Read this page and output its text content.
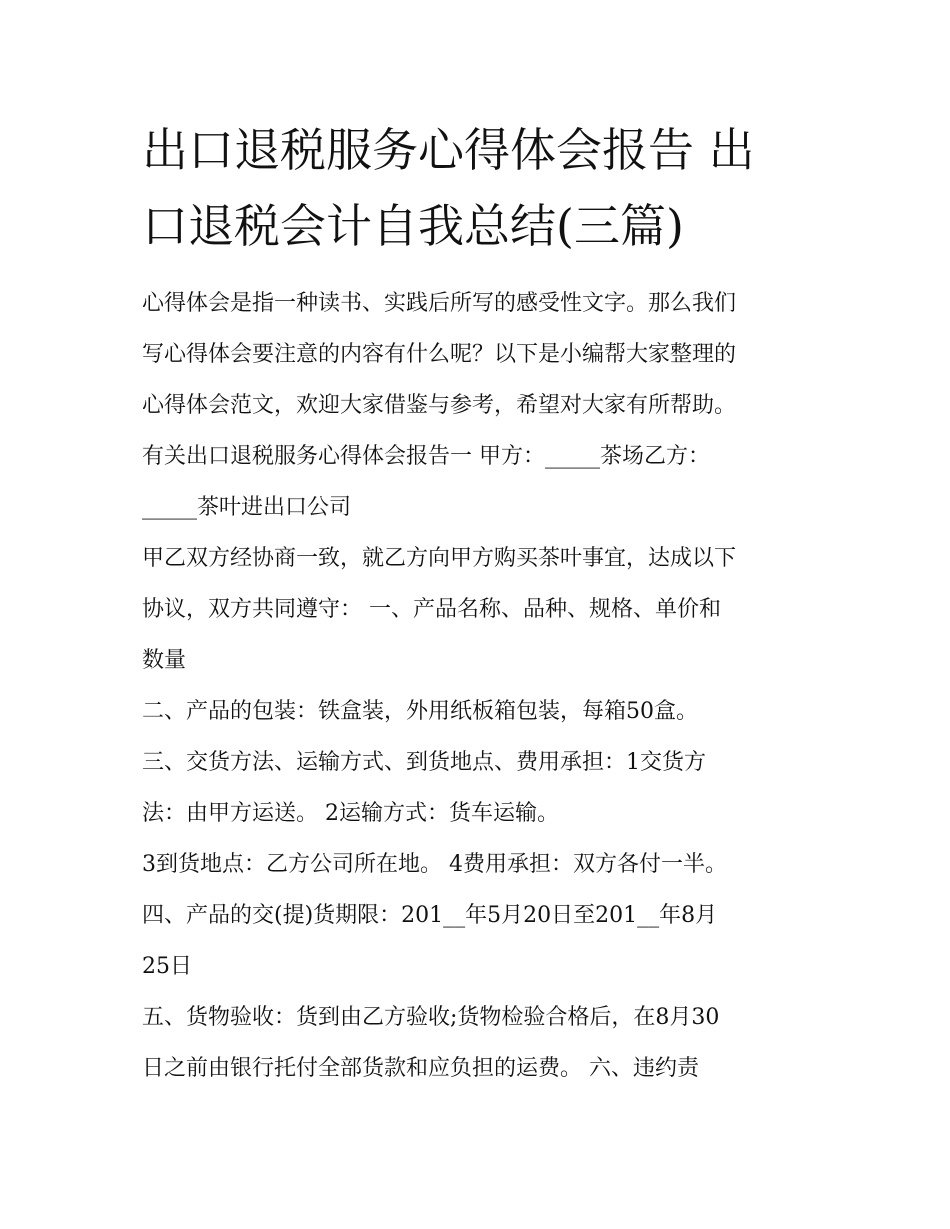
出口退税服务心得体会报告 出
口退税会计自我总结(三篇)
心得体会是指一种读书、实践后所写的感受性文字。那么我们
写心得体会要注意的内容有什么呢？以下是小编帮大家整理的
心得体会范文，欢迎大家借鉴与参考，希望对大家有所帮助。
有关出口退税服务心得体会报告一 甲方：_____茶场乙方：
_____茶叶进出口公司
甲乙双方经协商一致，就乙方向甲方购买茶叶事宜，达成以下
协议，双方共同遵守： 一、产品名称、品种、规格、单价和
数量
二、产品的包装：铁盒装，外用纸板箱包装，每箱50盒。
三、交货方法、运输方式、到货地点、费用承担：1交货方
法：由甲方运送。 2运输方式：货车运输。
3到货地点：乙方公司所在地。 4费用承担：双方各付一半。
四、产品的交(提)货期限：201__年5月20日至201__年8月
25日
五、货物验收：货到由乙方验收;货物检验合格后，在8月30
日之前由银行托付全部货款和应负担的运费。 六、违约责
